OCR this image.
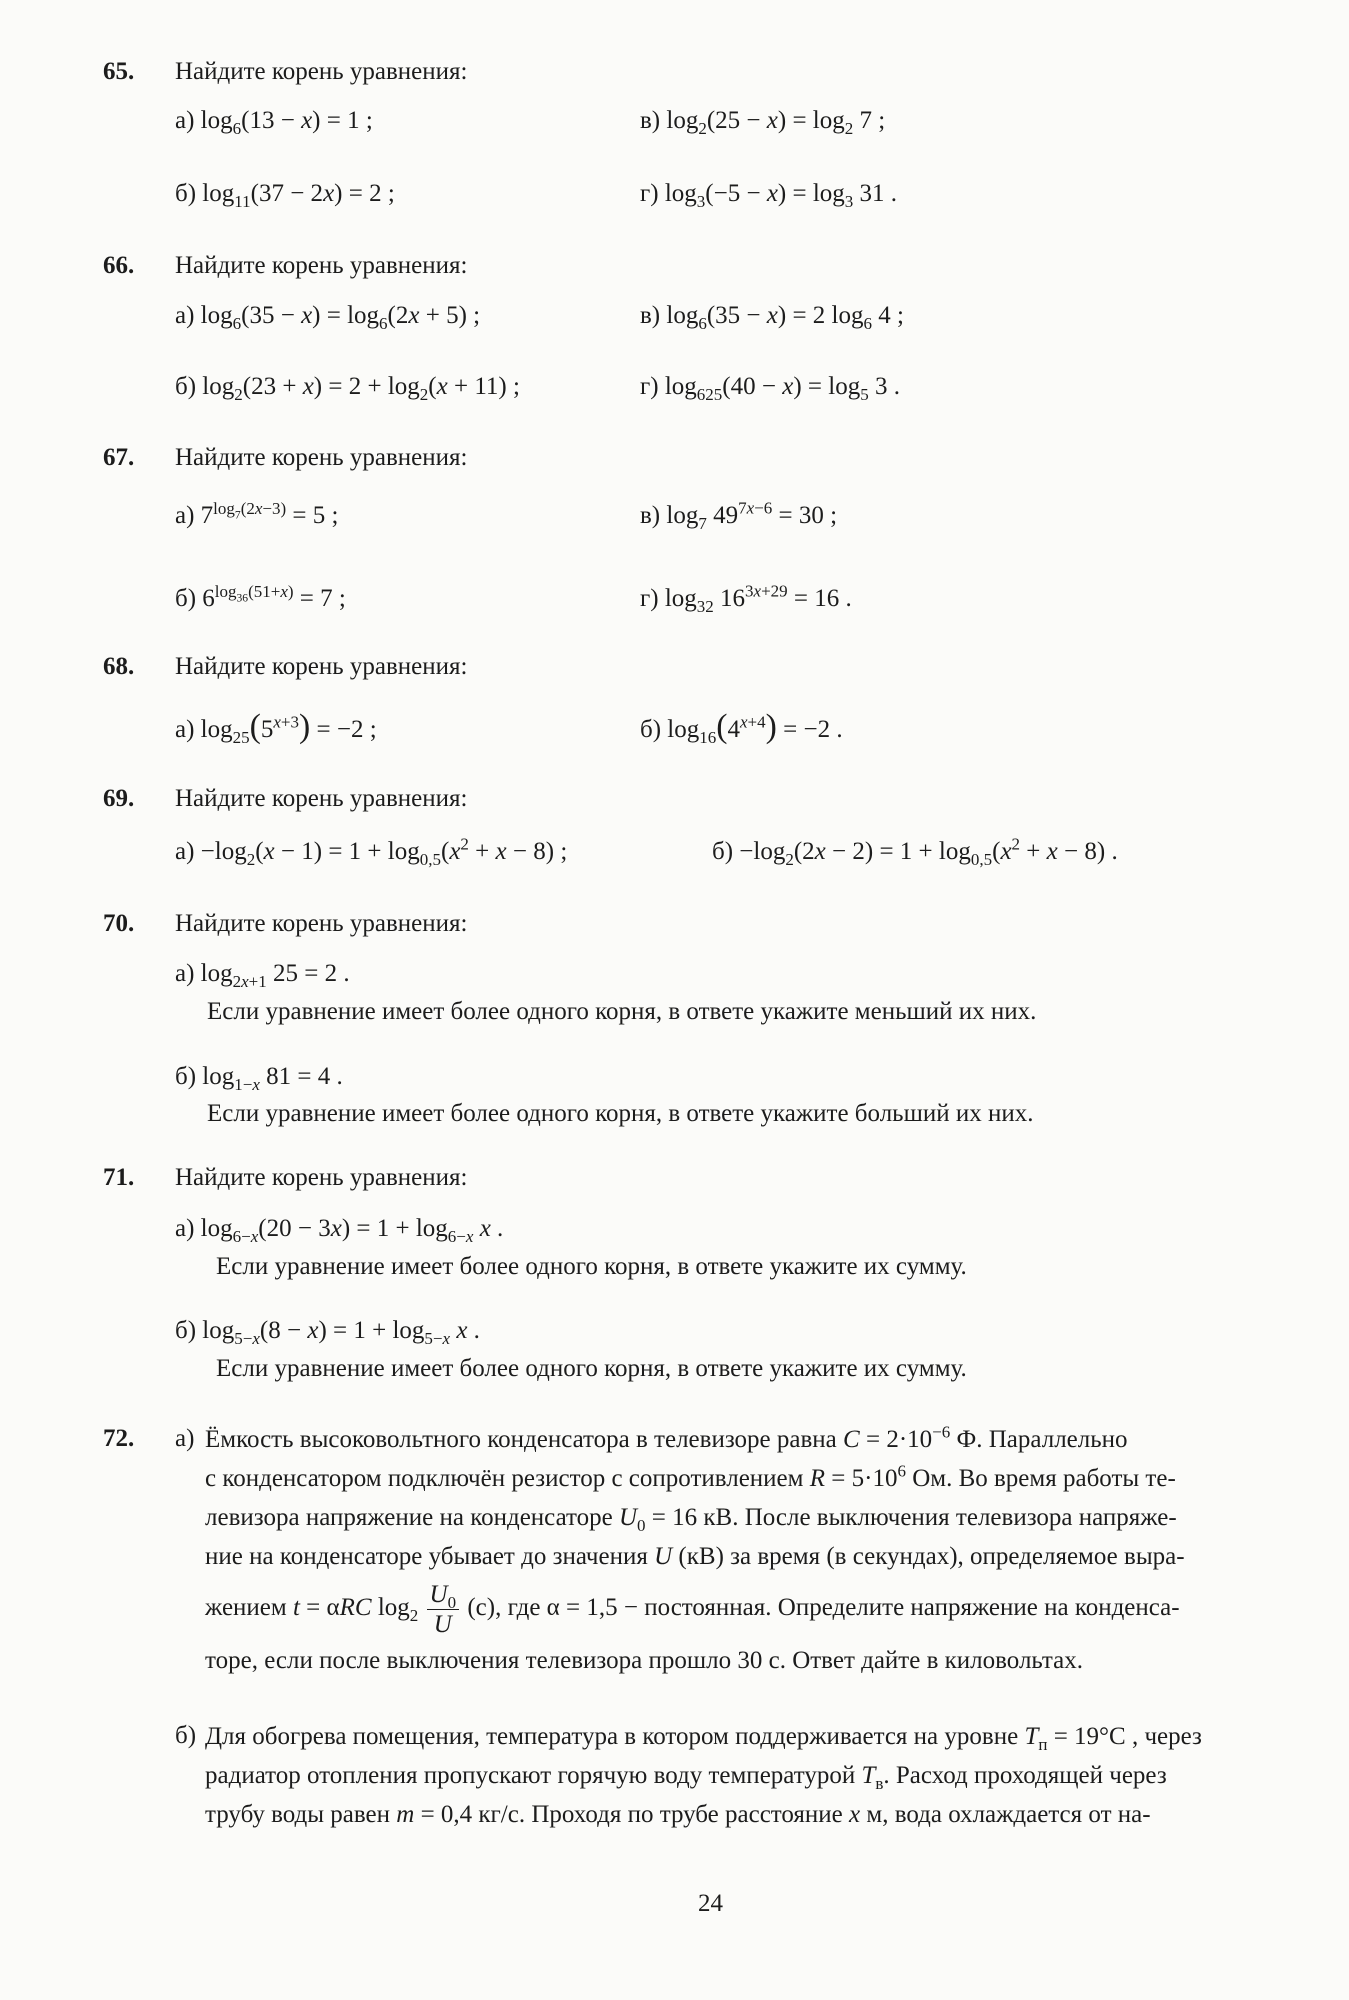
65. Найдите корень уравнения:
а) $\log_6(13 - x) = 1$ ;	в) $\log_2(25 - x) = \log_2 7$ ;
б) $\log_{11}(37 - 2x) = 2$ ;	г) $\log_3(-5 - x) = \log_3 31$ .
66. Найдите корень уравнения:
а) $\log_6(35 - x) = \log_6(2x + 5)$ ;	в) $\log_6(35 - x) = 2$ $\log_6 4$ ;
б) $\log_2(23 + x) = 2 + \log_2(x + 11)$ ;	г) $\log_{625}(40 - x) = \log_5 3$ .
67. Найдите корень уравнения:
а) $7^{log_7(2x-3)} = 5$ ;	в) $\log_7 49^{7x-6} = 30$ ;
б) $6^{log_{36}(51+x)} = 7$ ;	г) $\log_{32} 16^{3x+29} = 16$ .
68. Найдите корень уравнения:
а) $\log_{25}(5^{x+3}) = -2$ ;	б) $\log_{16}(4^{x+4}) = -2$ .
69. Найдите корень уравнения:
$а) -\log_2(x - 1) = 1 + \log_{0,5}(x^2 + x - 8)$ ;	$б) -\log_2(2x - 2) = 1 + \log_{0,5}(x^2 + x - 8)$ .
70. Найдите корень уравнения:
а) $\log_{2x+1} 25 = 2$ .
Если уравнение имеет более одного корня, в ответе укажите меньший их них.
б) $\log_{1-x} 81 = 4$ .
Если уравнение имеет более одного корня, в ответе укажите больший их них.
71. Найдите корень уравнения:
а) $\log_{6-x}(20 - 3x) = 1 + \log_{6-x} x$ .
Если уравнение имеет более одного корня, в ответе укажите их сумму.
б) $\log_{5-x}(8 - x) = 1 + \log_{5-x} x$ .
Если уравнение имеет более одного корня, в ответе укажите их сумму.
72. а) Ёмкость высоковольтного конденсатора в телевизоре равна $C = 2\cdot 10^{-6}$ Ф. Параллельно
с конденсатором подключён резистор с сопротивлением $R = 5\cdot 10^6$ Ом. Во время работы те-
левизора напряжение на конденсаторе $U_0 = 16$ кВ. После выключения телевизора напряже-
ние на конденсаторе убывает до значения U (кВ) за время (в секундах), определяемое выра-
жением t = αRC $\log_2 \frac{U_0}{U} (с)$, где α = 1,5 − постоянная. Определите напряжение на конденса-
торе, если после выключения телевизора прошло 30 с. Ответ дайте в киловольтах.
б) Для обогрева помещения, температура в котором поддерживается на уровне $T_п = 19^\circ C$ , через
радиатор отопления пропускают горячую воду температурой $T_в$. Расход проходящей через
трубу воды равен m = 0,4 кг/с. Проходя по трубе расстояние x м, вода охлаждается от на-
24
